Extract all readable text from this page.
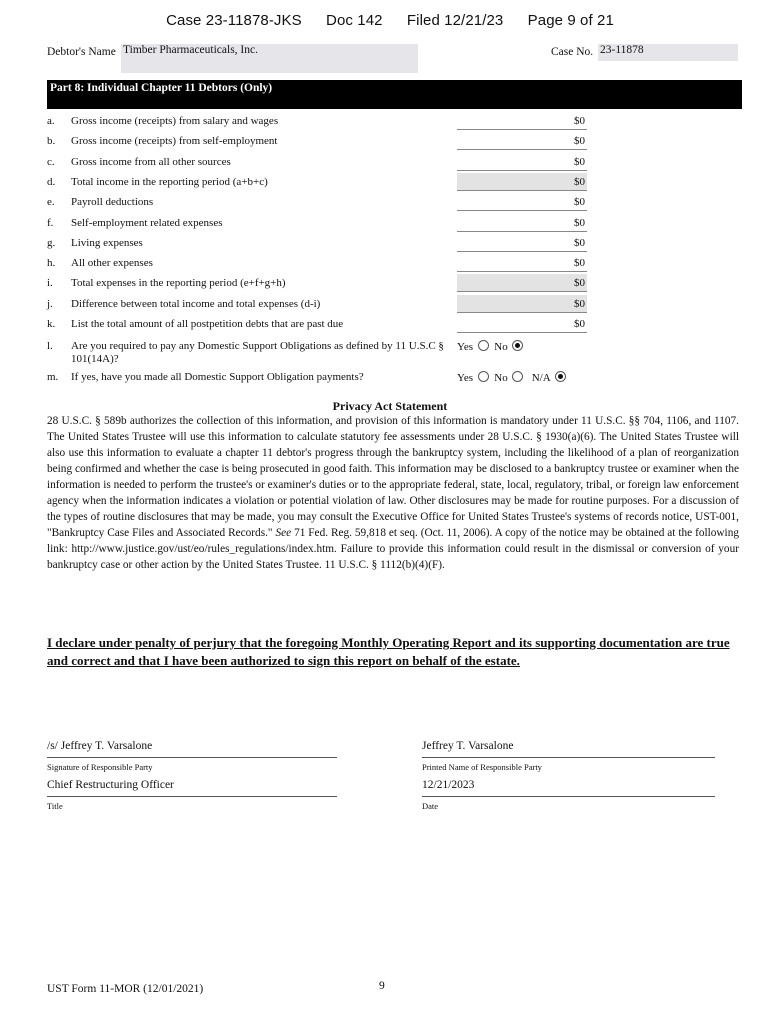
Case 23-11878-JKS Doc 142 Filed 12/21/23 Page 9 of 21
Debtor's Name Timber Pharmaceuticals, Inc.	Case No. 23-11878
Part 8: Individual Chapter 11 Debtors (Only)
a. Gross income (receipts) from salary and wages	$0
b. Gross income (receipts) from self-employment	$0
c. Gross income from all other sources	$0
d. Total income in the reporting period (a+b+c)	$0
e. Payroll deductions	$0
f. Self-employment related expenses	$0
g. Living expenses	$0
h. All other expenses	$0
i. Total expenses in the reporting period (e+f+g+h)	$0
j. Difference between total income and total expenses (d-i)	$0
k. List the total amount of all postpetition debts that are past due	$0
l. Are you required to pay any Domestic Support Obligations as defined by 11 U.S.C § 101(14A)?
Yes No
m. If yes, have you made all Domestic Support Obligation payments?	Yes No N/A
Privacy Act Statement
28 U.S.C. § 589b authorizes the collection of this information, and provision of this information is mandatory under 11 U.S.C. §§ 704, 1106, and 1107. The United States Trustee will use this information to calculate statutory fee assessments under 28 U.S.C. § 1930(a)(6). The United States Trustee will also use this information to evaluate a chapter 11 debtor's progress through the bankruptcy system, including the likelihood of a plan of reorganization being confirmed and whether the case is being prosecuted in good faith. This information may be disclosed to a bankruptcy trustee or examiner when the information is needed to perform the trustee's or examiner's duties or to the appropriate federal, state, local, regulatory, tribal, or foreign law enforcement agency when the information indicates a violation or potential violation of law. Other disclosures may be made for routine purposes. For a discussion of the types of routine disclosures that may be made, you may consult the Executive Office for United States Trustee's systems of records notice, UST-001, "Bankruptcy Case Files and Associated Records." See 71 Fed. Reg. 59,818 et seq. (Oct. 11, 2006). A copy of the notice may be obtained at the following link: http://www.justice.gov/ust/eo/rules_regulations/index.htm. Failure to provide this information could result in the dismissal or conversion of your bankruptcy case or other action by the United States Trustee. 11 U.S.C. § 1112(b)(4)(F).
I declare under penalty of perjury that the foregoing Monthly Operating Report and its supporting documentation are true and correct and that I have been authorized to sign this report on behalf of the estate.
/s/ Jeffrey T. Varsalone
Signature of Responsible Party
Jeffrey T. Varsalone
Printed Name of Responsible Party
Chief Restructuring Officer
Title
12/21/2023
Date
UST Form 11-MOR (12/01/2021)	9
